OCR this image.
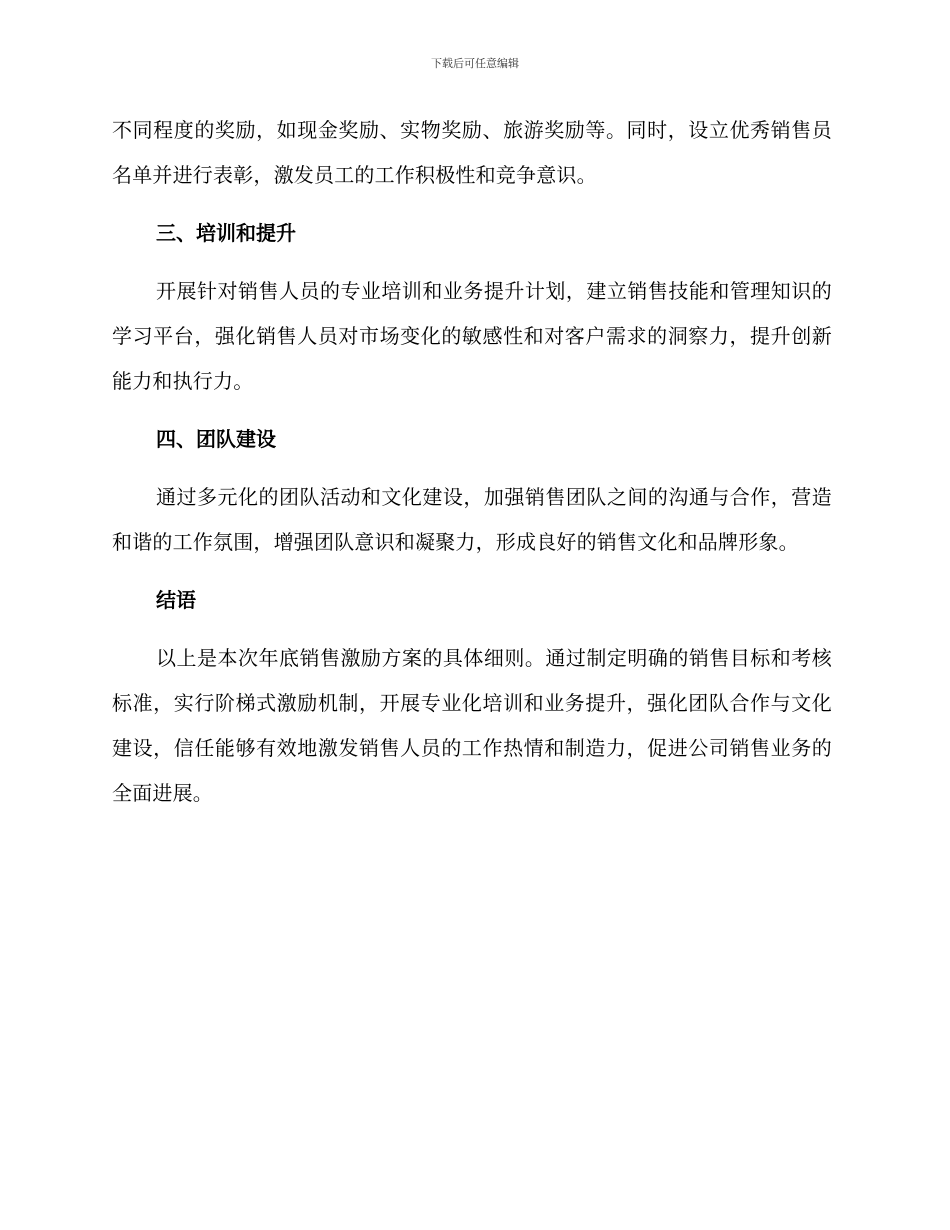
下载后可任意编辑

不同程度的奖励，如现金奖励、实物奖励、旅游奖励等。同时，设立优秀销售员名单并进行表彰，激发员工的工作积极性和竞争意识。

三、培训和提升

开展针对销售人员的专业培训和业务提升计划，建立销售技能和管理知识的学习平台，强化销售人员对市场变化的敏感性和对客户需求的洞察力，提升创新能力和执行力。

四、团队建设

通过多元化的团队活动和文化建设，加强销售团队之间的沟通与合作，营造和谐的工作氛围，增强团队意识和凝聚力，形成良好的销售文化和品牌形象。

结语

以上是本次年底销售激励方案的具体细则。通过制定明确的销售目标和考核标准，实行阶梯式激励机制，开展专业化培训和业务提升，强化团队合作与文化建设，信任能够有效地激发销售人员的工作热情和制造力，促进公司销售业务的全面进展。
